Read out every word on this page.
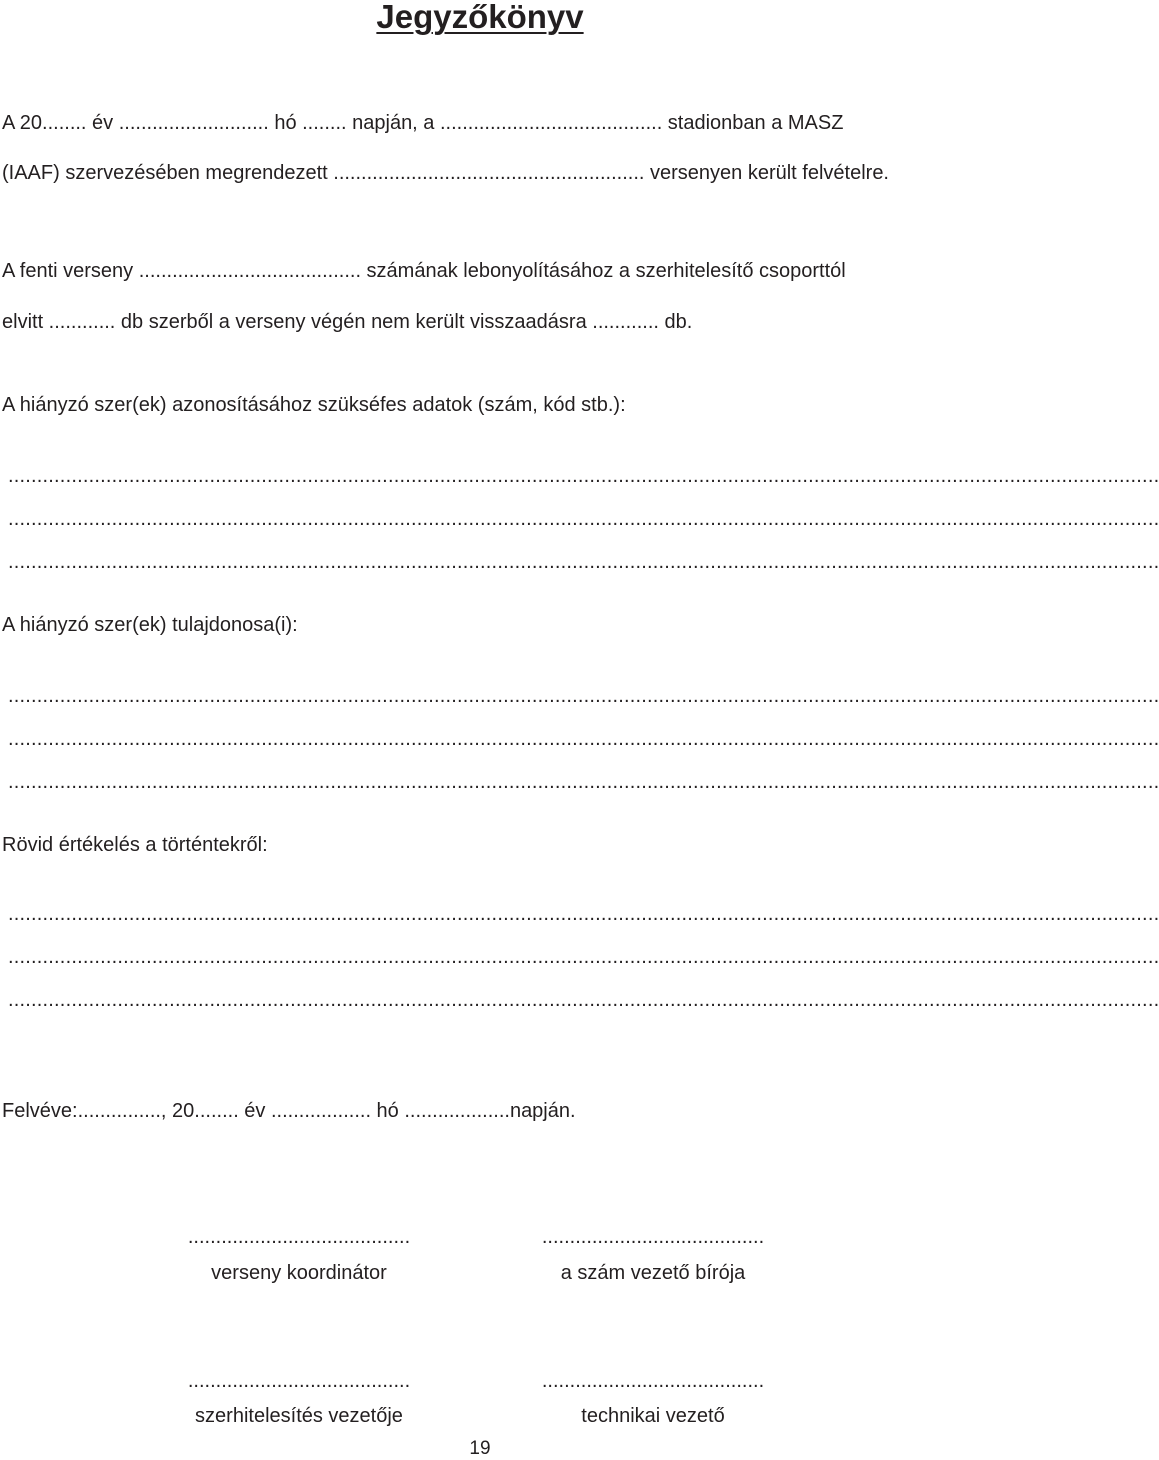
Jegyzőkönyv
A 20........ év ........................... hó ........ napján, a ........................................ stadionban a MASZ
(IAAF) szervezésében megrendezett ........................................................ versenyen került felvételre.
A fenti verseny ........................................ számának lebonyolításához a szerhitelesítő csoporttól
elvitt ............ db szerből a verseny végén nem került visszaadásra ............ db.
A hiányzó szer(ek) azonosításához szükséfes adatok (szám, kód stb.):
........................................................................................................................................................................................................
........................................................................................................................................................................................................
........................................................................................................................................................................................................
A hiányzó szer(ek) tulajdonosa(i):
........................................................................................................................................................................................................
........................................................................................................................................................................................................
........................................................................................................................................................................................................
Rövid értékelés a történtekről:
........................................................................................................................................................................................................
........................................................................................................................................................................................................
........................................................................................................................................................................................................
Felvéve:..............., 20........ év .................. hó ...................napján.
........................................
verseny koordinátor
........................................
a szám vezető bírója
........................................
szerhitelesítés vezetője
........................................
technikai vezető
19
